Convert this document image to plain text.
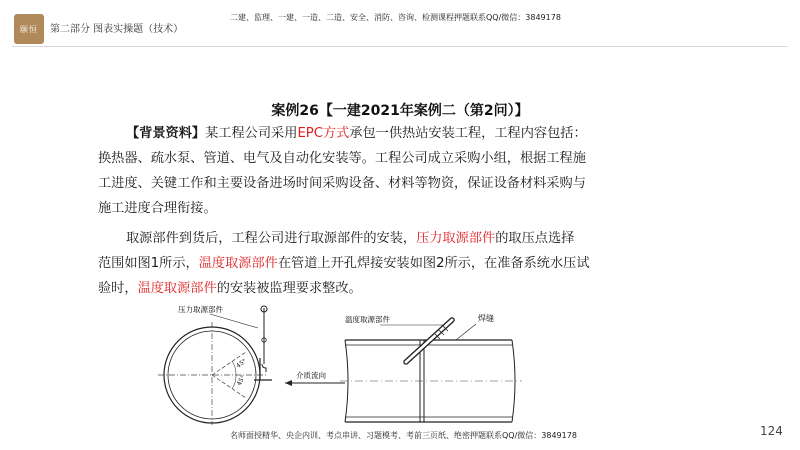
颐恒 第二部分 图表实操题（技术）
二建、监理、一建、一造、二造、安全、消防、咨询、检测课程押题联系QQ/微信：3849178
案例26【一建2021年案例二（第2问）】
【背景资料】某工程公司采用EPC方式承包一供热站安装工程，工程内容包括：
换热器、疏水泵、管道、电气及自动化安装等。工程公司成立采购小组，根据工程施
工进度、关键工作和主要设备进场时间采购设备、材料等物资，保证设备材料采购与
施工进度合理衔接。
取源部件到货后，工程公司进行取源部件的安装，压力取源部件的取压点选择
范围如图1所示，温度取源部件在管道上开孔焊接安装如图2所示，在准备系统水压试
验时，温度取源部件的安装被监理要求整改。
45°
45°
压力取源部件
介质流向
温度取源部件	焊缝
名师面授精华、央企内训、考点串讲、习题模考、考前三页纸、绝密押题联系QQ/微信：3849178	124
